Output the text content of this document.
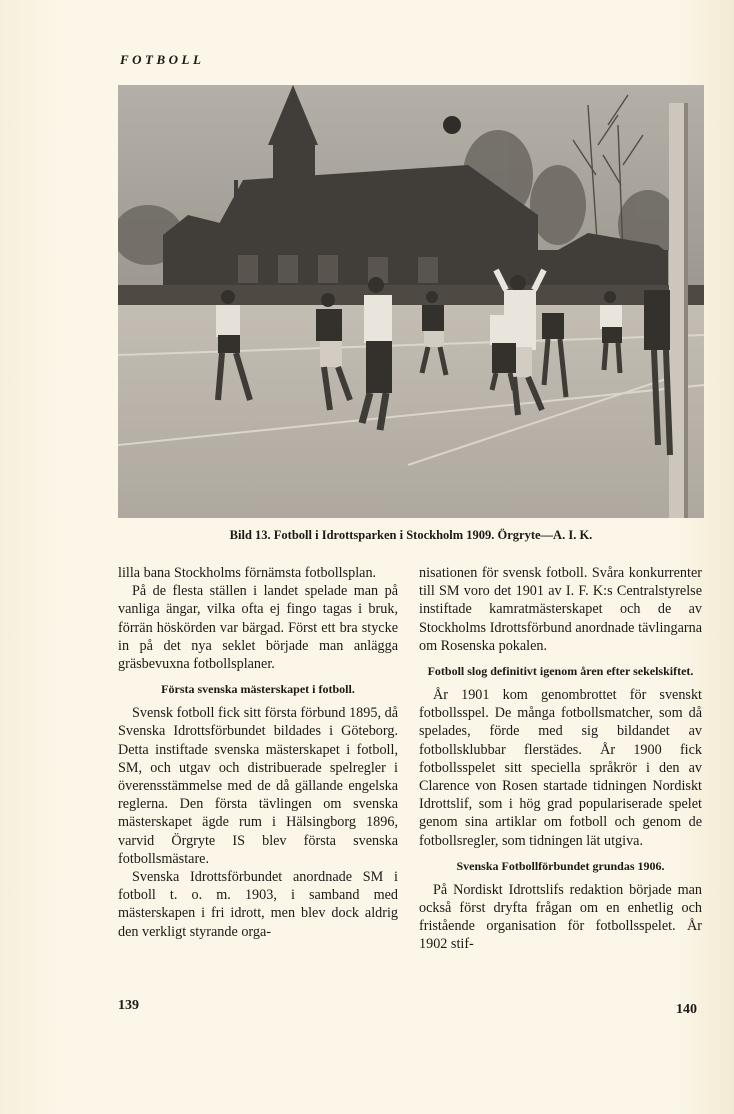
FOTBOLL
Bild 13. Fotboll i Idrottsparken i Stockholm 1909. Örgryte—A. I. K.

lilla bana Stockholms förnämsta fotbollsplan.

På de flesta ställen i landet spelade man på vanliga ängar, vilka ofta ej fingo tagas i bruk, förrän höskörden var bärgad. Först ett bra stycke in på det nya seklet började man anlägga gräsbevuxna fotbollsplaner.

Första svenska mästerskapet i fotboll.

Svensk fotboll fick sitt första förbund 1895, då Svenska Idrottsförbundet bildades i Göteborg. Detta instiftade svenska mästerskapet i fotboll, SM, och utgav och distribuerade spelregler i överensstämmelse med de då gällande engelska reglerna. Den första tävlingen om svenska mästerskapet ägde rum i Hälsingborg 1896, varvid Örgryte IS blev första svenska fotbollsmästare.

Svenska Idrottsförbundet anordnade SM i fotboll t. o. m. 1903, i samband med mästerskapen i fri idrott, men blev dock aldrig den verkligt styrande orga-

nisationen för svensk fotboll. Svåra konkurrenter till SM voro det 1901 av I. F. K:s Centralstyrelse instiftade kamratmästerskapet och de av Stockholms Idrottsförbund anordnade tävlingarna om Rosenska pokalen.

Fotboll slog definitivt igenom åren efter sekelskiftet.

År 1901 kom genombrottet för svenskt fotbollsspel. De många fotbollsmatcher, som då spelades, förde med sig bildandet av fotbollsklubbar flerstädes. År 1900 fick fotbollsspelet sitt speciella språkrör i den av Clarence von Rosen startade tidningen Nordiskt Idrottslif, som i hög grad populariserade spelet genom sina artiklar om fotboll och genom de fotbollsregler, som tidningen lät utgiva.

Svenska Fotbollförbundet grundas 1906.

På Nordiskt Idrottslifs redaktion började man också först dryfta frågan om en enhetlig och fristående organisation för fotbollsspelet. År 1902 stif-

139	140
